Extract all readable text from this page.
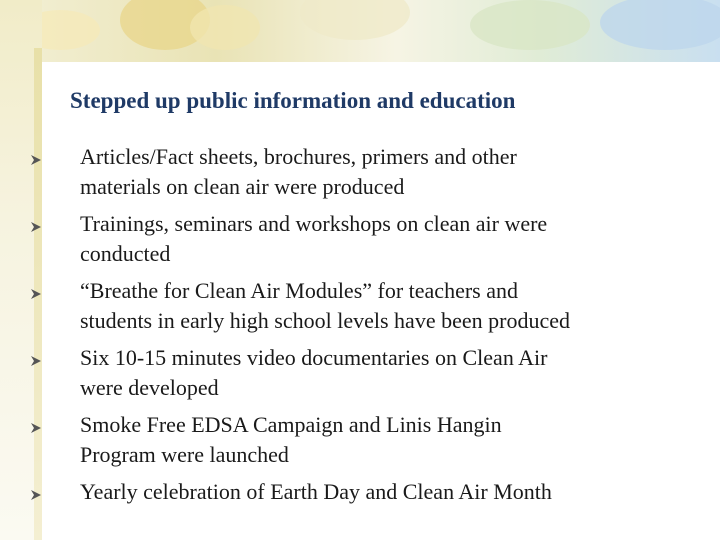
Stepped up public information and education
Articles/Fact sheets, brochures, primers and other
materials on clean air were produced
Trainings, seminars and workshops on clean air were
conducted
“Breathe for Clean Air Modules” for teachers and
students in early high school levels have been produced
Six 10-15 minutes video documentaries on Clean Air
were developed
Smoke Free EDSA Campaign and Linis Hangin
Program were launched
Yearly celebration of Earth Day and Clean Air Month
